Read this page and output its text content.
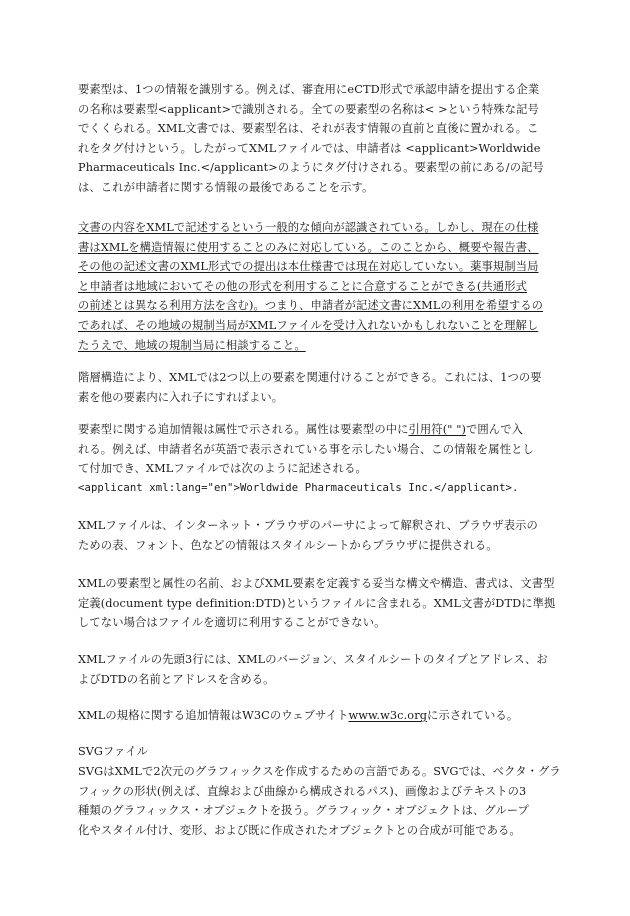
要素型は、1つの情報を識別する。例えば、審査用にeCTD形式で承認申請を提出する企業
の名称は要素型<applicant>で識別される。全ての要素型の名称は< >という特殊な記号
でくくられる。XML文書では、要素型名は、それが表す情報の直前と直後に置かれる。こ
れをタグ付けという。したがってXMLファイルでは、申請者は <applicant>Worldwide
Pharmaceuticals Inc.</applicant>のようにタグ付けされる。要素型の前にある/の記号
は、これが申請者に関する情報の最後であることを示す。
文書の内容をXMLで記述するという一般的な傾向が認識されている。しかし、現在の仕様
書はXMLを構造情報に使用することのみに対応している。このことから、概要や報告書、
その他の記述文書のXML形式での提出は本仕様書では現在対応していない。薬事規制当局
と申請者は地域においてその他の形式を利用することに合意することができる(共通形式
の前述とは異なる利用方法を含む)。つまり、申請者が記述文書にXMLの利用を希望するの
であれば、その地域の規制当局がXMLファイルを受け入れないかもしれないことを理解し
たうえで、地域の規制当局に相談すること。
階層構造により、XMLでは2つ以上の要素を関連付けることができる。これには、1つの要
素を他の要素内に入れ子にすればよい。
要素型に関する追加情報は属性で示される。属性は要素型の中に引用符(" ")で囲んで入
れる。例えば、申請者名が英語で表示されている事を示したい場合、この情報を属性とし
て付加でき、XMLファイルでは次のように記述される。
<applicant xml:lang="en">Worldwide Pharmaceuticals Inc.</applicant>.
XMLファイルは、インターネット・ブラウザのパーサによって解釈され、ブラウザ表示の
ための表、フォント、色などの情報はスタイルシートからブラウザに提供される。
XMLの要素型と属性の名前、およびXML要素を定義する妥当な構文や構造、書式は、文書型
定義(document type definition:DTD)というファイルに含まれる。XML文書がDTDに準拠
してない場合はファイルを適切に利用することができない。
XMLファイルの先頭3行には、XMLのバージョン、スタイルシートのタイプとアドレス、お
よびDTDの名前とアドレスを含める。
XMLの規格に関する追加情報はW3Cのウェブサイトwww.w3c.orgに示されている。
SVGファイル
SVGはXMLで2次元のグラフィックスを作成するための言語である。SVGでは、ベクタ・グラ
フィックの形状(例えば、直線および曲線から構成されるパス)、画像およびテキストの3
種類のグラフィックス・オブジェクトを扱う。グラフィック・オブジェクトは、グループ
化やスタイル付け、変形、および既に作成されたオブジェクトとの合成が可能である。
